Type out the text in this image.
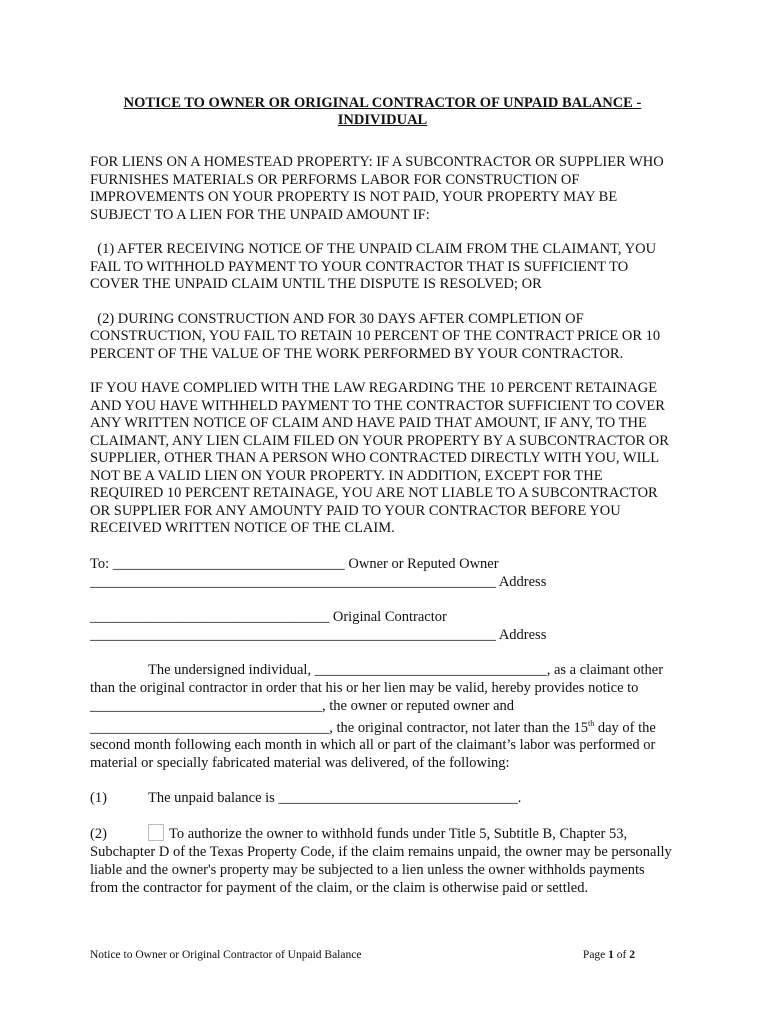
NOTICE TO OWNER OR ORIGINAL CONTRACTOR OF UNPAID BALANCE -
INDIVIDUAL
FOR LIENS ON A HOMESTEAD PROPERTY: IF A SUBCONTRACTOR OR SUPPLIER WHO FURNISHES MATERIALS OR PERFORMS LABOR FOR CONSTRUCTION OF IMPROVEMENTS ON YOUR PROPERTY IS NOT PAID, YOUR PROPERTY MAY BE SUBJECT TO A LIEN FOR THE UNPAID AMOUNT IF:
(1) AFTER RECEIVING NOTICE OF THE UNPAID CLAIM FROM THE CLAIMANT, YOU FAIL TO WITHHOLD PAYMENT TO YOUR CONTRACTOR THAT IS SUFFICIENT TO COVER THE UNPAID CLAIM UNTIL THE DISPUTE IS RESOLVED; OR
(2) DURING CONSTRUCTION AND FOR 30 DAYS AFTER COMPLETION OF CONSTRUCTION, YOU FAIL TO RETAIN 10 PERCENT OF THE CONTRACT PRICE OR 10 PERCENT OF THE VALUE OF THE WORK PERFORMED BY YOUR CONTRACTOR.
IF YOU HAVE COMPLIED WITH THE LAW REGARDING THE 10 PERCENT RETAINAGE AND YOU HAVE WITHHELD PAYMENT TO THE CONTRACTOR SUFFICIENT TO COVER ANY WRITTEN NOTICE OF CLAIM AND HAVE PAID THAT AMOUNT, IF ANY, TO THE CLAIMANT, ANY LIEN CLAIM FILED ON YOUR PROPERTY BY A SUBCONTRACTOR OR SUPPLIER, OTHER THAN A PERSON WHO CONTRACTED DIRECTLY WITH YOU, WILL NOT BE A VALID LIEN ON YOUR PROPERTY. IN ADDITION, EXCEPT FOR THE REQUIRED 10 PERCENT RETAINAGE, YOU ARE NOT LIABLE TO A SUBCONTRACTOR OR SUPPLIER FOR ANY AMOUNTY PAID TO YOUR CONTRACTOR BEFORE YOU RECEIVED WRITTEN NOTICE OF THE CLAIM.
To: ________________________________ Owner or Reputed Owner
________________________________________________________ Address
_________________________________ Original Contractor
________________________________________________________ Address
The undersigned individual, ________________________________, as a claimant other than the original contractor in order that his or her lien may be valid, hereby provides notice to ________________________________, the owner or reputed owner and _________________________________, the original contractor, not later than the 15th day of the second month following each month in which all or part of the claimant’s labor was performed or material or specially fabricated material was delivered, of the following:
(1)	The unpaid balance is _________________________________.
(2)	To authorize the owner to withhold funds under Title 5, Subtitle B, Chapter 53, Subchapter D of the Texas Property Code, if the claim remains unpaid, the owner may be personally liable and the owner's property may be subjected to a lien unless the owner withholds payments from the contractor for payment of the claim, or the claim is otherwise paid or settled.
Notice to Owner or Original Contractor of Unpaid Balance	Page 1 of 2
